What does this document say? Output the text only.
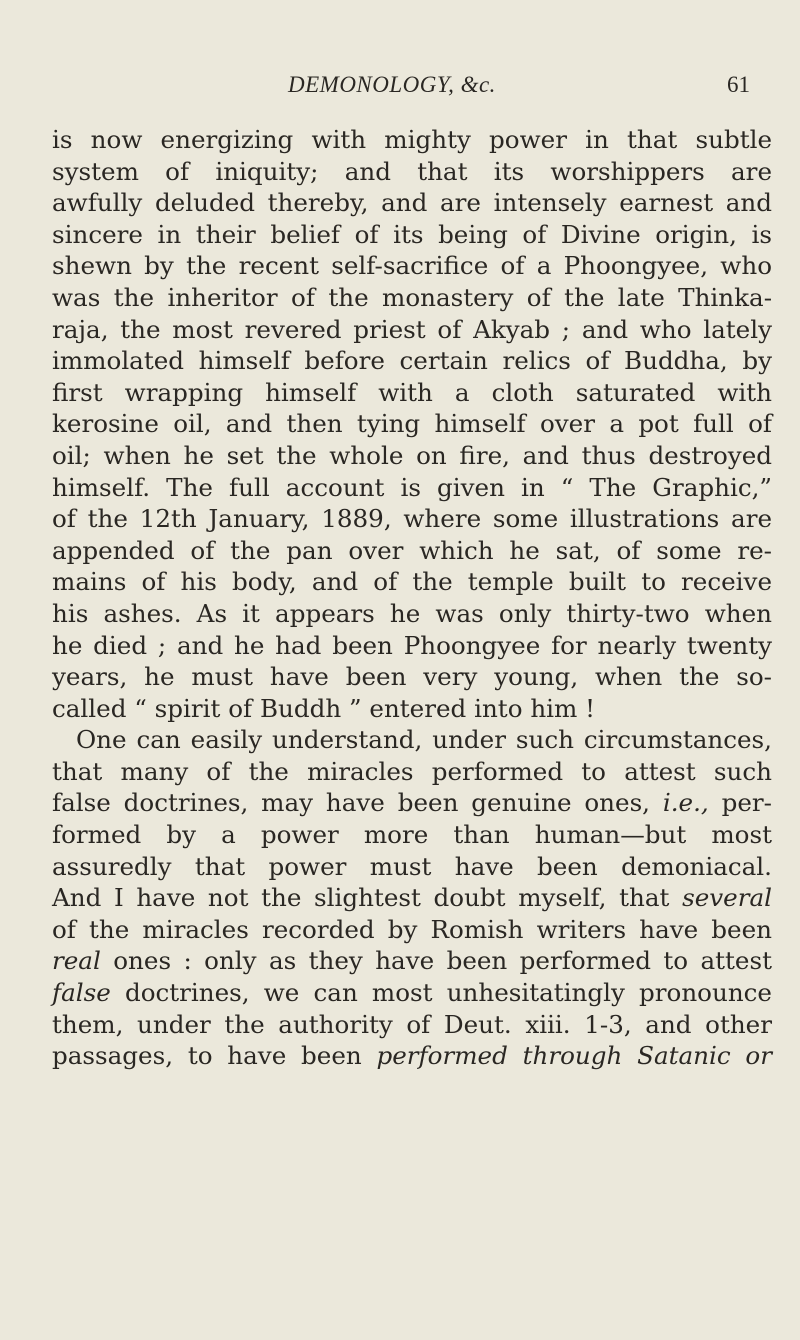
DEMONOLOGY, &c.	61
is now energizing with mighty power in that subtle
system of iniquity; and that its worshippers are
awfully deluded thereby, and are intensely earnest and
sincere in their belief of its being of Divine origin, is
shewn by the recent self-sacrifice of a Phoongyee, who
was the inheritor of the monastery of the late Thinka-
raja, the most revered priest of Akyab ; and who lately
immolated himself before certain relics of Buddha, by
first wrapping himself with a cloth saturated with
kerosine oil, and then tying himself over a pot full of
oil; when he set the whole on fire, and thus destroyed
himself. The full account is given in “ The Graphic,”
of the 12th January, 1889, where some illustrations are
appended of the pan over which he sat, of some re-
mains of his body, and of the temple built to receive
his ashes. As it appears he was only thirty-two when
he died ; and he had been Phoongyee for nearly twenty
years, he must have been very young, when the so-
called “ spirit of Buddh ” entered into him !
One can easily understand, under such circumstances,
that many of the miracles performed to attest such
false doctrines, may have been genuine ones, i.e., per-
formed by a power more than human—but most
assuredly that power must have been demoniacal.
And I have not the slightest doubt myself, that several
of the miracles recorded by Romish writers have been
real ones : only as they have been performed to attest
false doctrines, we can most unhesitatingly pronounce
them, under the authority of Deut. xiii. 1-3, and other
passages, to have been performed through Satanic or
